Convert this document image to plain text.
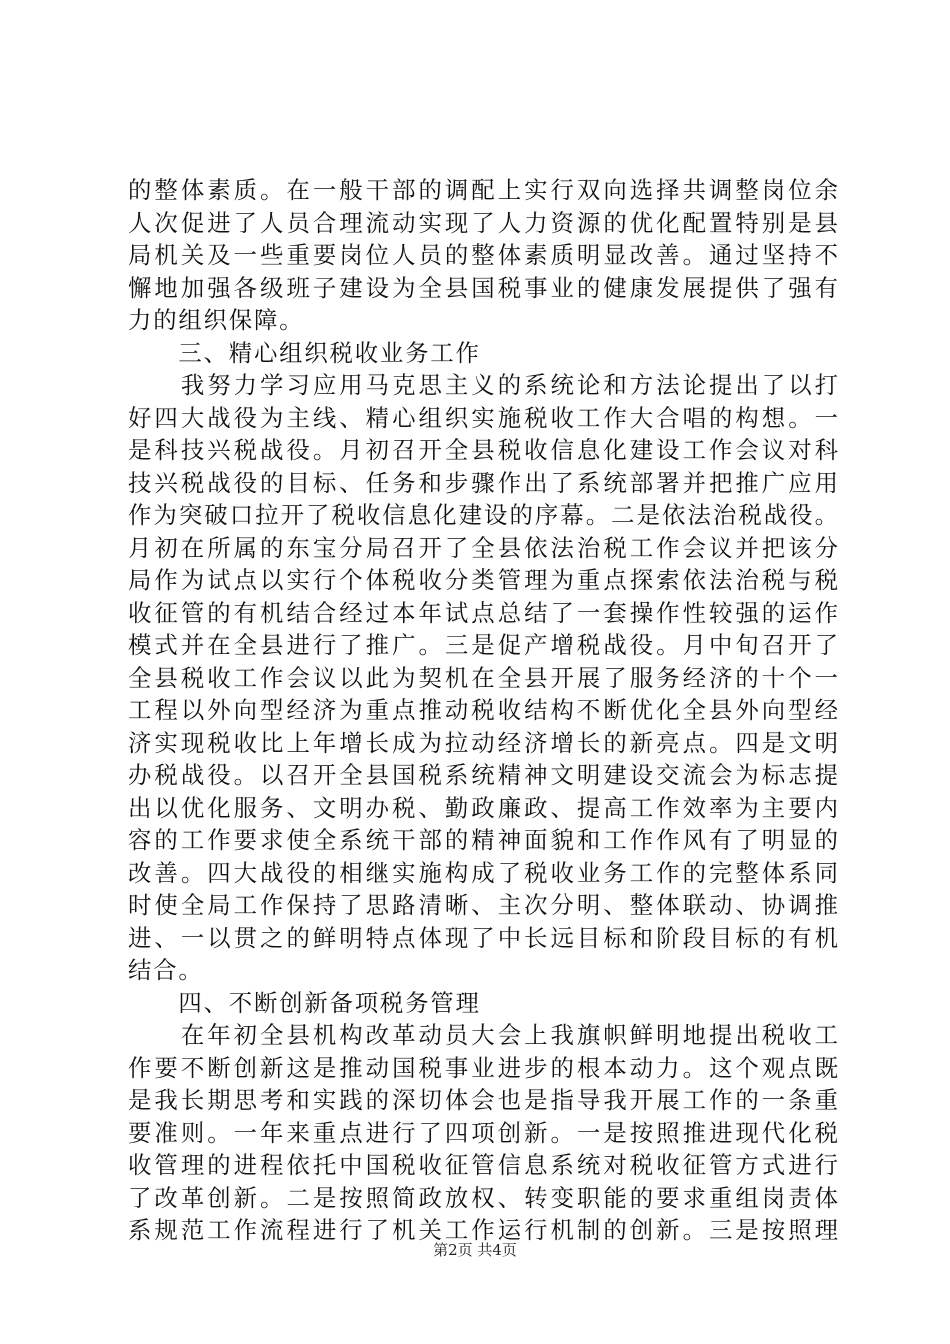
的整体素质。在一般干部的调配上实行双向选择共调整岗位余
人次促进了人员合理流动实现了人力资源的优化配置特别是县
局机关及一些重要岗位人员的整体素质明显改善。通过坚持不
懈地加强各级班子建设为全县国税事业的健康发展提供了强有
力的组织保障。
　　三、精心组织税收业务工作
　　我努力学习应用马克思主义的系统论和方法论提出了以打
好四大战役为主线、精心组织实施税收工作大合唱的构想。一
是科技兴税战役。月初召开全县税收信息化建设工作会议对科
技兴税战役的目标、任务和步骤作出了系统部署并把推广应用
作为突破口拉开了税收信息化建设的序幕。二是依法治税战役。
月初在所属的东宝分局召开了全县依法治税工作会议并把该分
局作为试点以实行个体税收分类管理为重点探索依法治税与税
收征管的有机结合经过本年试点总结了一套操作性较强的运作
模式并在全县进行了推广。三是促产增税战役。月中旬召开了
全县税收工作会议以此为契机在全县开展了服务经济的十个一
工程以外向型经济为重点推动税收结构不断优化全县外向型经
济实现税收比上年增长成为拉动经济增长的新亮点。四是文明
办税战役。以召开全县国税系统精神文明建设交流会为标志提
出以优化服务、文明办税、勤政廉政、提高工作效率为主要内
容的工作要求使全系统干部的精神面貌和工作作风有了明显的
改善。四大战役的相继实施构成了税收业务工作的完整体系同
时使全局工作保持了思路清晰、主次分明、整体联动、协调推
进、一以贯之的鲜明特点体现了中长远目标和阶段目标的有机
结合。
　　四、不断创新备项税务管理
　　在年初全县机构改革动员大会上我旗帜鲜明地提出税收工
作要不断创新这是推动国税事业进步的根本动力。这个观点既
是我长期思考和实践的深切体会也是指导我开展工作的一条重
要准则。一年来重点进行了四项创新。一是按照推进现代化税
收管理的进程依托中国税收征管信息系统对税收征管方式进行
了改革创新。二是按照简政放权、转变职能的要求重组岗责体
系规范工作流程进行了机关工作运行机制的创新。三是按照理
第2页 共4页
